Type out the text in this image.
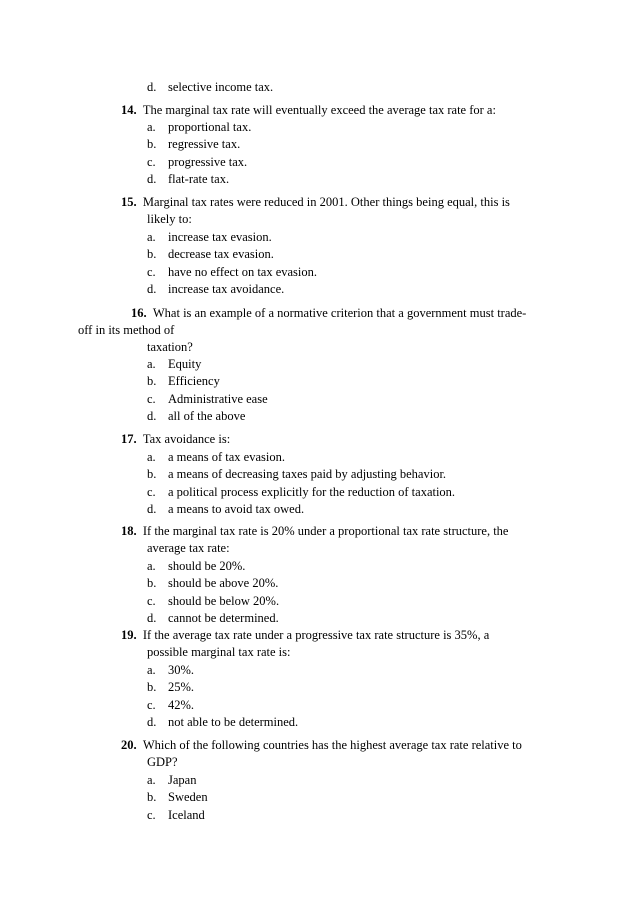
d. selective income tax.
14. The marginal tax rate will eventually exceed the average tax rate for a:
a. proportional tax.
b. regressive tax.
c. progressive tax.
d. flat-rate tax.
15. Marginal tax rates were reduced in 2001. Other things being equal, this is
likely to:
a. increase tax evasion.
b. decrease tax evasion.
c. have no effect on tax evasion.
d. increase tax avoidance.
16. What is an example of a normative criterion that a government must trade-
off in its method of
taxation?
a. Equity
b. Efficiency
c. Administrative ease
d. all of the above
17. Tax avoidance is:
a. a means of tax evasion.
b. a means of decreasing taxes paid by adjusting behavior.
c. a political process explicitly for the reduction of taxation.
d. a means to avoid tax owed.
18. If the marginal tax rate is 20% under a proportional tax rate structure, the
average tax rate:
a. should be 20%.
b. should be above 20%.
c. should be below 20%.
d. cannot be determined.
19. If the average tax rate under a progressive tax rate structure is 35%, a
possible marginal tax rate is:
a. 30%.
b. 25%.
c. 42%.
d. not able to be determined.
20. Which of the following countries has the highest average tax rate relative to
GDP?
a. Japan
b. Sweden
c. Iceland
